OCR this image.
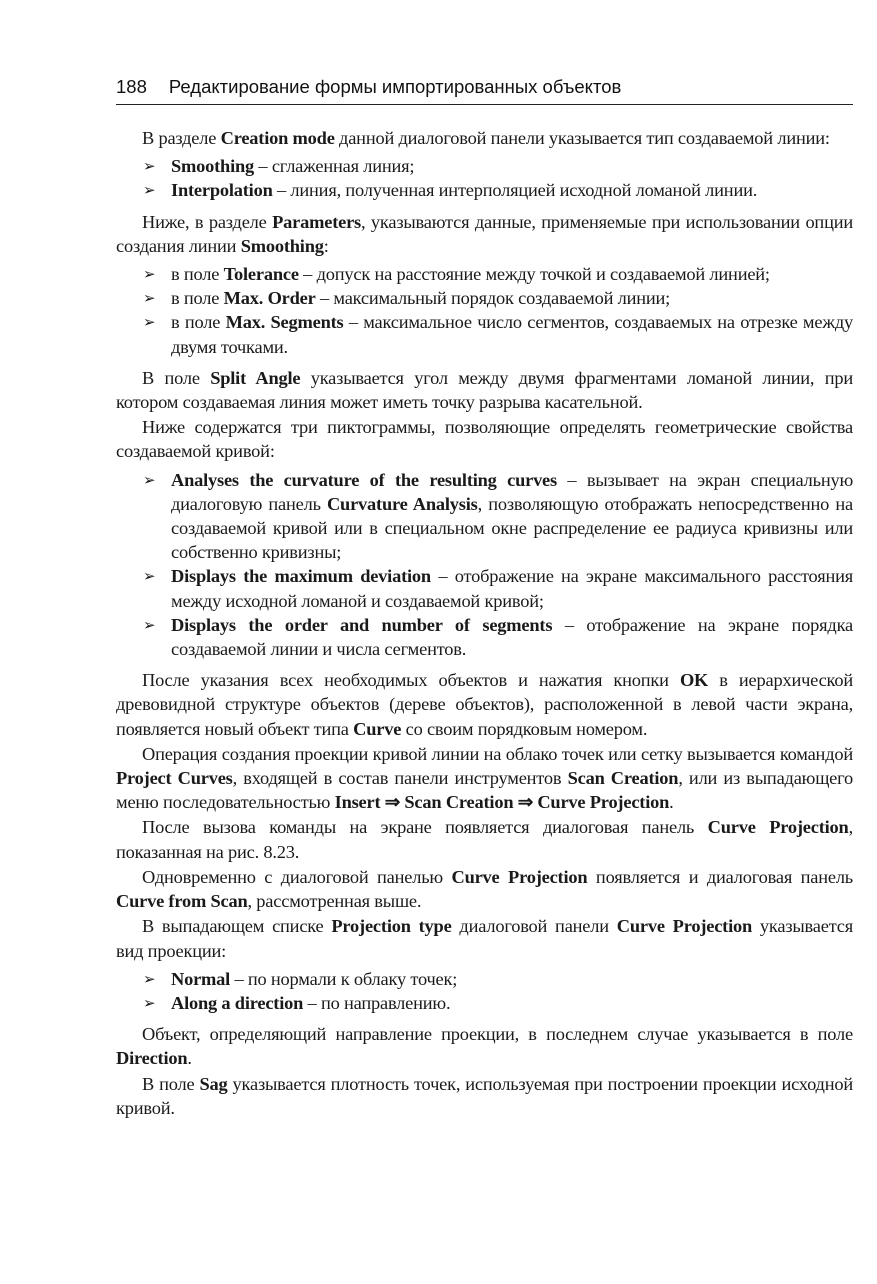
188 Редактирование формы импортированных объектов

В разделе Creation mode данной диалоговой панели указывается тип создаваемой линии:

➢ Smoothing – сглаженная линия;
➢ Interpolation – линия, полученная интерполяцией исходной ломаной линии.

Ниже, в разделе Parameters, указываются данные, применяемые при использовании опции создания линии Smoothing:

➢ в поле Tolerance – допуск на расстояние между точкой и создаваемой линией;
➢ в поле Max. Order – максимальный порядок создаваемой линии;
➢ в поле Max. Segments – максимальное число сегментов, создаваемых на отрезке между двумя точками.

В поле Split Angle указывается угол между двумя фрагментами ломаной линии, при котором создаваемая линия может иметь точку разрыва касательной.

Ниже содержатся три пиктограммы, позволяющие определять геометрические свойства создаваемой кривой:

➢ Analyses the curvature of the resulting curves – вызывает на экран специальную диалоговую панель Curvature Analysis, позволяющую отображать непосредственно на создаваемой кривой или в специальном окне распределение ее радиуса кривизны или собственно кривизны;
➢ Displays the maximum deviation – отображение на экране максимального расстояния между исходной ломаной и создаваемой кривой;
➢ Displays the order and number of segments – отображение на экране порядка создаваемой линии и числа сегментов.

После указания всех необходимых объектов и нажатия кнопки OK в иерархической древовидной структуре объектов (дереве объектов), расположенной в левой части экрана, появляется новый объект типа Curve со своим порядковым номером.

Операция создания проекции кривой линии на облако точек или сетку вызывается командой Project Curves, входящей в состав панели инструментов Scan Creation, или из выпадающего меню последовательностью Insert ⇒ Scan Creation ⇒ Curve Projection.

После вызова команды на экране появляется диалоговая панель Curve Projection, показанная на рис. 8.23.

Одновременно с диалоговой панелью Curve Projection появляется и диалоговая панель Curve from Scan, рассмотренная выше.

В выпадающем списке Projection type диалоговой панели Curve Projection указывается вид проекции:

➢ Normal – по нормали к облаку точек;
➢ Along a direction – по направлению.

Объект, определяющий направление проекции, в последнем случае указывается в поле Direction.

В поле Sag указывается плотность точек, используемая при построении проекции исходной кривой.
